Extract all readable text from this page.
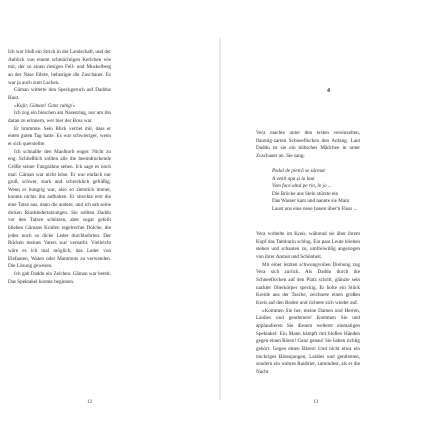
Ich war bloß ein Strich in der Landschaft, und der Anblick von einem schmächtigen Kerlchen wie mir, der so einen riesigen Fell- und Muskelberg an der Nase führte, belustigte die Zuschauer. Es war ja auch zum Lachen.

Gäman witterte den Speckgeruch auf Daddus Haut.

»Kujir, Gäman! Ganz ruhig!«

Ich zog ein bisschen am Nasenring, nur um ihn daran zu erinnern, wer hier der Boss war.

Er brummte. Sein Blick verriet mir, dass er einen guten Tag hatte. Es war schwieriger, wenn er sich querstellte.

Ich schnallte den Maulkorb enger. Nicht zu eng. Schließlich sollten alle die beeindruckende Größe seiner Fangzähne sehen. Ich sage es noch mal: Gäman war nicht böse. Er war einfach nur groß, schwer, stark und schrecklich gefräßig. Wenn er hungrig war, also so ziemlich immer, konnte nichts ihn aufhalten. Er streckte erst die eine Tatze aus, dann die andere, und ich sah seine dicken Rindsledertatzungen. Sie sollten Daddu vor den Tatzen schützen, aber sogar gefeilt blieben Gämans Krallen regelrechte Dolche, die jedes noch so dicke Leder durchbohrten. Der Rücken meines Vaters war vernarbt. Vielleicht wäre es ich mal möglich, das Leder von Elefanten, Walen oder Mammuts zu verwenden. Die Lösung gewesen.

Ich gab Daddu ein Zeichen. Gäman war bereit. Das Spektakel konnte beginnen.

12
4

Vera machte unter den ersten vereinzelten, flaumig-zarten Schneeflocken den Anfang. Laut Daddu ist sie ein hübsches Mädchen in unter Zuschauer an. Sie sang:

Pedal de pietră se sărmat
A venit apa și la laut
Vom face altul pe rin, în jo ...
Die Brücke aus Stein stürzte ein
Das Wasser kam und nannte sie Main
Laust uns eine neue bauen über'n Fluss ...

Vera wirbelte im Kreis, während sie über ihrem Kopf das Tamburin schlug. Ein paar Leute blieben stehen und schauten zu, umfreiwillig angezogen von ihrer Anmut und Schönheit.

Mit einer letzten schwungvollen Drehung zog Vera sich zurück. Als Daddu durch die Schneeflocken auf den Platz schritt, glänzte sein nackter Oberkörper speckig. Er holte ein Stück Kreide aus der Tasche, zeichnete einen großen Kreis auf den Boden und richtete sich wieder auf.

»Kommen Sie her, meine Damen und Herren, Laidies und gentlemen! Kommen Sie und applaudieren Sie diesem welterst einmaligen Spektakel: Ein Mann kämpft mit bloßen Händen gegen einen Bären! Ganz genau! Sie haben richtig gehört. Gegen einen Bären! Und nicht etwa ein mickriges Bärenjungen, Laidies und gentlemen, sondern ein wahres Raubtier, zumindest, als er die Nacht

13
